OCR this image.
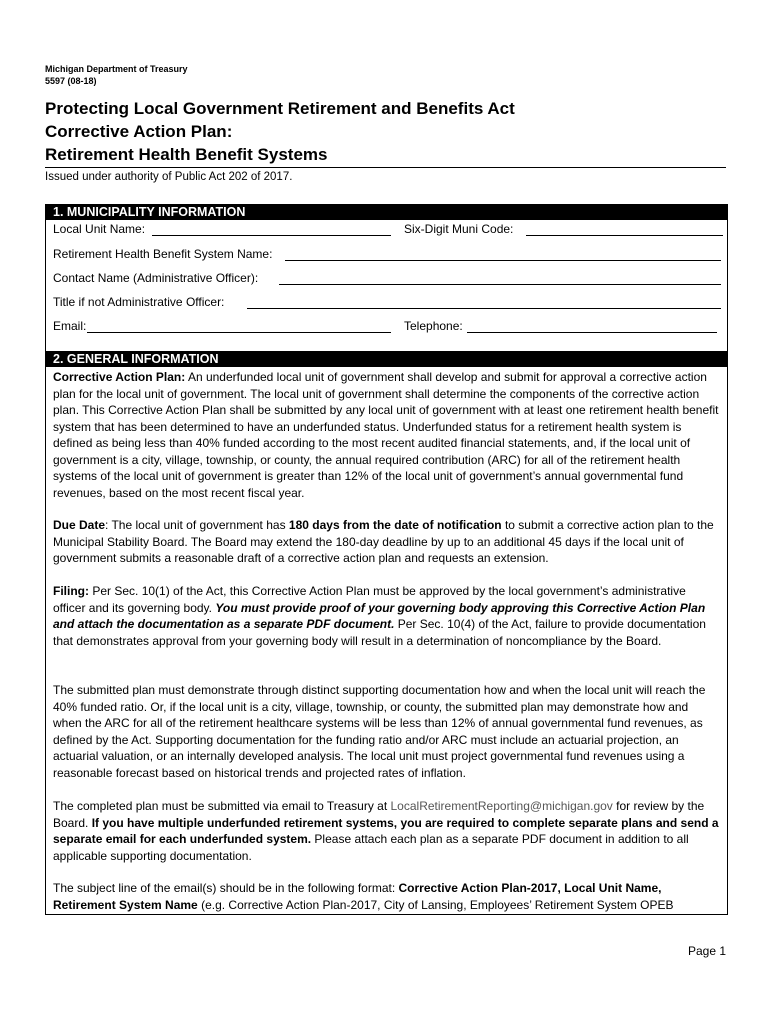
Michigan Department of Treasury
5597 (08-18)
Protecting Local Government Retirement and Benefits Act
Corrective Action Plan:
Retirement Health Benefit Systems
Issued under authority of Public Act 202 of 2017.
1. MUNICIPALITY INFORMATION
Local Unit Name:	Six-Digit Muni Code:
Retirement Health Benefit System Name:
Contact Name (Administrative Officer):
Title if not Administrative Officer:
Email:	Telephone:
2. GENERAL INFORMATION

Corrective Action Plan: An underfunded local unit of government shall develop and submit for approval a corrective action plan for the local unit of government. The local unit of government shall determine the components of the corrective action plan. This Corrective Action Plan shall be submitted by any local unit of government with at least one retirement health benefit system that has been determined to have an underfunded status. Underfunded status for a retirement health system is defined as being less than 40% funded according to the most recent audited financial statements, and, if the local unit of government is a city, village, township, or county, the annual required contribution (ARC) for all of the retirement health systems of the local unit of government is greater than 12% of the local unit of government’s annual governmental fund revenues, based on the most recent fiscal year.

Due Date: The local unit of government has 180 days from the date of notification to submit a corrective action plan to the Municipal Stability Board. The Board may extend the 180-day deadline by up to an additional 45 days if the local unit of government submits a reasonable draft of a corrective action plan and requests an extension.

Filing: Per Sec. 10(1) of the Act, this Corrective Action Plan must be approved by the local government’s administrative officer and its governing body. You must provide proof of your governing body approving this Corrective Action Plan and attach the documentation as a separate PDF document. Per Sec. 10(4) of the Act, failure to provide documentation that demonstrates approval from your governing body will result in a determination of noncompliance by the Board.

The submitted plan must demonstrate through distinct supporting documentation how and when the local unit will reach the 40% funded ratio. Or, if the local unit is a city, village, township, or county, the submitted plan may demonstrate how and when the ARC for all of the retirement healthcare systems will be less than 12% of annual governmental fund revenues, as defined by the Act. Supporting documentation for the funding ratio and/or ARC must include an actuarial projection, an actuarial valuation, or an internally developed analysis. The local unit must project governmental fund revenues using a reasonable forecast based on historical trends and projected rates of inflation.

The completed plan must be submitted via email to Treasury at LocalRetirementReporting@michigan.gov for review by the Board. If you have multiple underfunded retirement systems, you are required to complete separate plans and send a separate email for each underfunded system. Please attach each plan as a separate PDF document in addition to all applicable supporting documentation.

The subject line of the email(s) should be in the following format: Corrective Action Plan-2017, Local Unit Name, Retirement System Name (e.g. Corrective Action Plan-2017, City of Lansing, Employees’ Retirement System OPEB

Page 1
